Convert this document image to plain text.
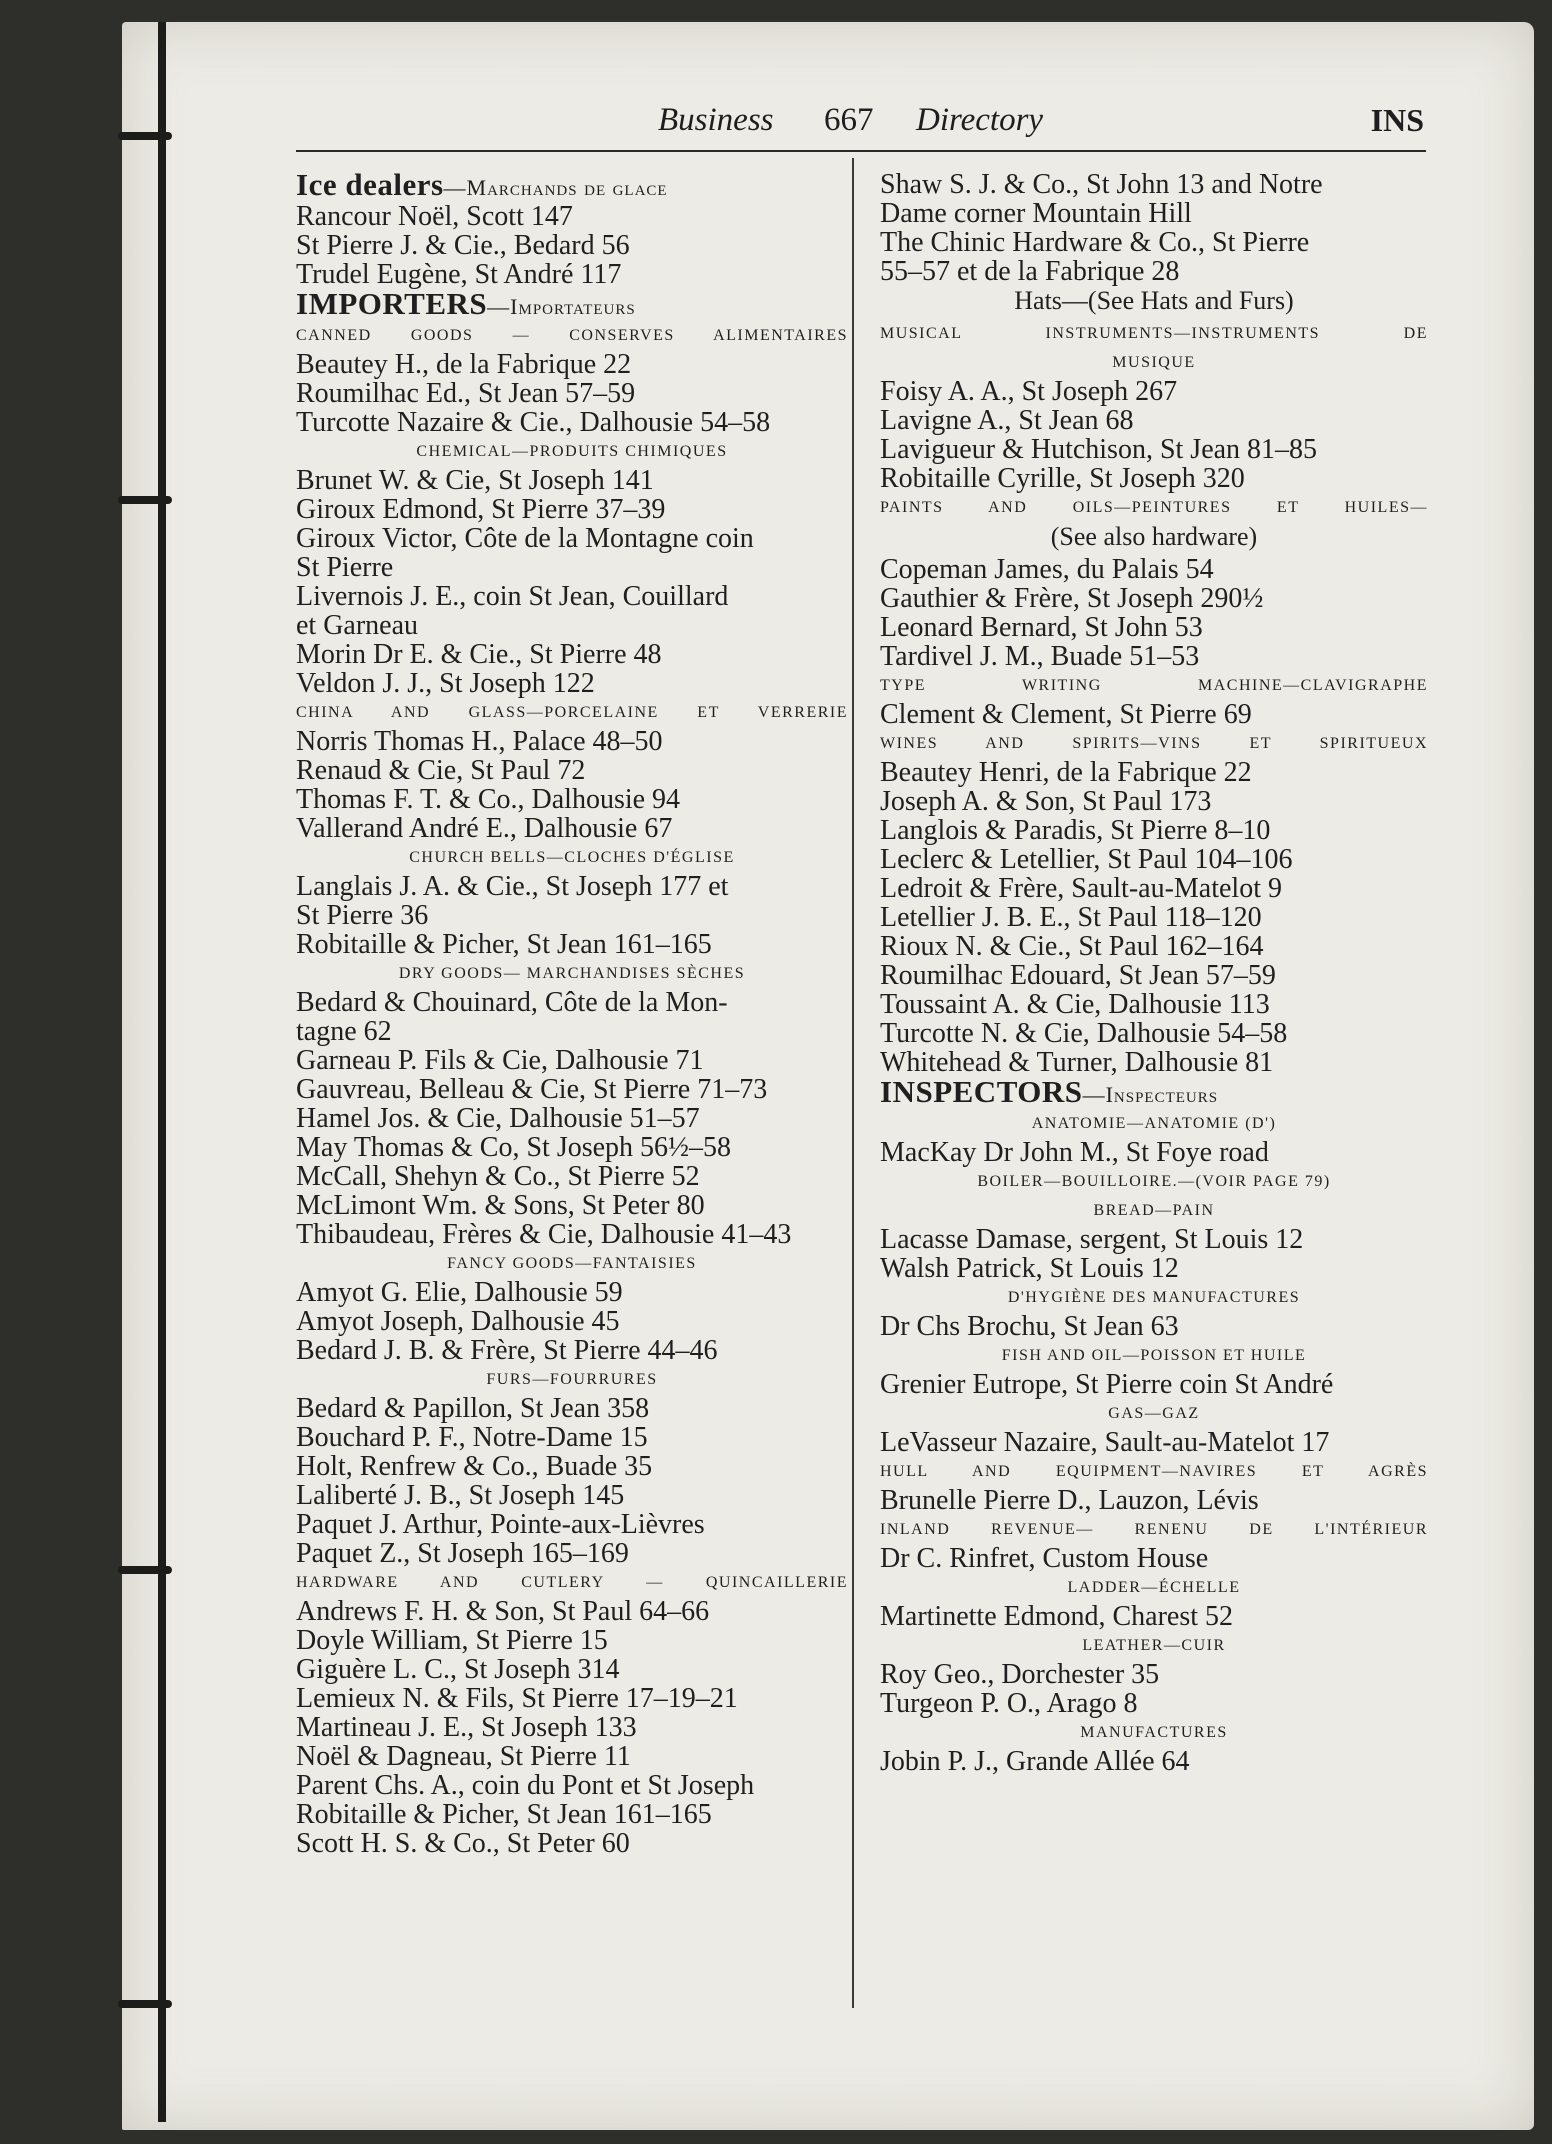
Business 667 Directory	INS

Ice dealers—Marchands de glace

Rancour Noël, Scott 147

St Pierre J. & Cie., Bedard 56

Trudel Eugène, St André 117

IMPORTERS—Importateurs

CANNED GOODS — CONSERVES ALIMENTAIRES

Beautey H., de la Fabrique 22

Roumilhac Ed., St Jean 57–59

Turcotte Nazaire & Cie., Dalhousie 54–58

CHEMICAL—PRODUITS CHIMIQUES

Brunet W. & Cie, St Joseph 141

Giroux Edmond, St Pierre 37–39

Giroux Victor, Côte de la Montagne coin

St Pierre

Livernois J. E., coin St Jean, Couillard

et Garneau

Morin Dr E. & Cie., St Pierre 48

Veldon J. J., St Joseph 122

CHINA AND GLASS—PORCELAINE ET VERRERIE

Norris Thomas H., Palace 48–50

Renaud & Cie, St Paul 72

Thomas F. T. & Co., Dalhousie 94

Vallerand André E., Dalhousie 67

CHURCH BELLS—CLOCHES D'ÉGLISE

Langlais J. A. & Cie., St Joseph 177 et

St Pierre 36

Robitaille & Picher, St Jean 161–165

DRY GOODS— MARCHANDISES SÈCHES

Bedard & Chouinard, Côte de la Mon-

tagne 62

Garneau P. Fils & Cie, Dalhousie 71

Gauvreau, Belleau & Cie, St Pierre 71–73

Hamel Jos. & Cie, Dalhousie 51–57

May Thomas & Co, St Joseph 56½–58

McCall, Shehyn & Co., St Pierre 52

McLimont Wm. & Sons, St Peter 80

Thibaudeau, Frères & Cie, Dalhousie 41–43

FANCY GOODS—FANTAISIES

Amyot G. Elie, Dalhousie 59

Amyot Joseph, Dalhousie 45

Bedard J. B. & Frère, St Pierre 44–46

FURS—FOURRURES

Bedard & Papillon, St Jean 358

Bouchard P. F., Notre-Dame 15

Holt, Renfrew & Co., Buade 35

Laliberté J. B., St Joseph 145

Paquet J. Arthur, Pointe-aux-Lièvres

Paquet Z., St Joseph 165–169

HARDWARE AND CUTLERY — QUINCAILLERIE

Andrews F. H. & Son, St Paul 64–66

Doyle William, St Pierre 15

Giguère L. C., St Joseph 314

Lemieux N. & Fils, St Pierre 17–19–21

Martineau J. E., St Joseph 133

Noël & Dagneau, St Pierre 11

Parent Chs. A., coin du Pont et St Joseph

Robitaille & Picher, St Jean 161–165

Scott H. S. & Co., St Peter 60

Shaw S. J. & Co., St John 13 and Notre

Dame corner Mountain Hill

The Chinic Hardware & Co., St Pierre

55–57 et de la Fabrique 28

Hats—(See Hats and Furs)

MUSICAL INSTRUMENTS—INSTRUMENTS DE

MUSIQUE

Foisy A. A., St Joseph 267

Lavigne A., St Jean 68

Lavigueur & Hutchison, St Jean 81–85

Robitaille Cyrille, St Joseph 320

PAINTS AND OILS—PEINTURES ET HUILES—

(See also hardware)

Copeman James, du Palais 54

Gauthier & Frère, St Joseph 290½

Leonard Bernard, St John 53

Tardivel J. M., Buade 51–53

TYPE WRITING MACHINE—CLAVIGRAPHE

Clement & Clement, St Pierre 69

WINES AND SPIRITS—VINS ET SPIRITUEUX

Beautey Henri, de la Fabrique 22

Joseph A. & Son, St Paul 173

Langlois & Paradis, St Pierre 8–10

Leclerc & Letellier, St Paul 104–106

Ledroit & Frère, Sault-au-Matelot 9

Letellier J. B. E., St Paul 118–120

Rioux N. & Cie., St Paul 162–164

Roumilhac Edouard, St Jean 57–59

Toussaint A. & Cie, Dalhousie 113

Turcotte N. & Cie, Dalhousie 54–58

Whitehead & Turner, Dalhousie 81

INSPECTORS—Inspecteurs

ANATOMIE—ANATOMIE (D')

MacKay Dr John M., St Foye road

BOILER—BOUILLOIRE.—(VOIR PAGE 79)

BREAD—PAIN

Lacasse Damase, sergent, St Louis 12

Walsh Patrick, St Louis 12

D'HYGIÈNE DES MANUFACTURES

Dr Chs Brochu, St Jean 63

FISH AND OIL—POISSON ET HUILE

Grenier Eutrope, St Pierre coin St André

GAS—GAZ

LeVasseur Nazaire, Sault-au-Matelot 17

HULL AND EQUIPMENT—NAVIRES ET AGRÈS

Brunelle Pierre D., Lauzon, Lévis

INLAND REVENUE— RENENU DE L'INTÉRIEUR

Dr C. Rinfret, Custom House

LADDER—ÉCHELLE

Martinette Edmond, Charest 52

LEATHER—CUIR

Roy Geo., Dorchester 35

Turgeon P. O., Arago 8

MANUFACTURES

Jobin P. J., Grande Allée 64
